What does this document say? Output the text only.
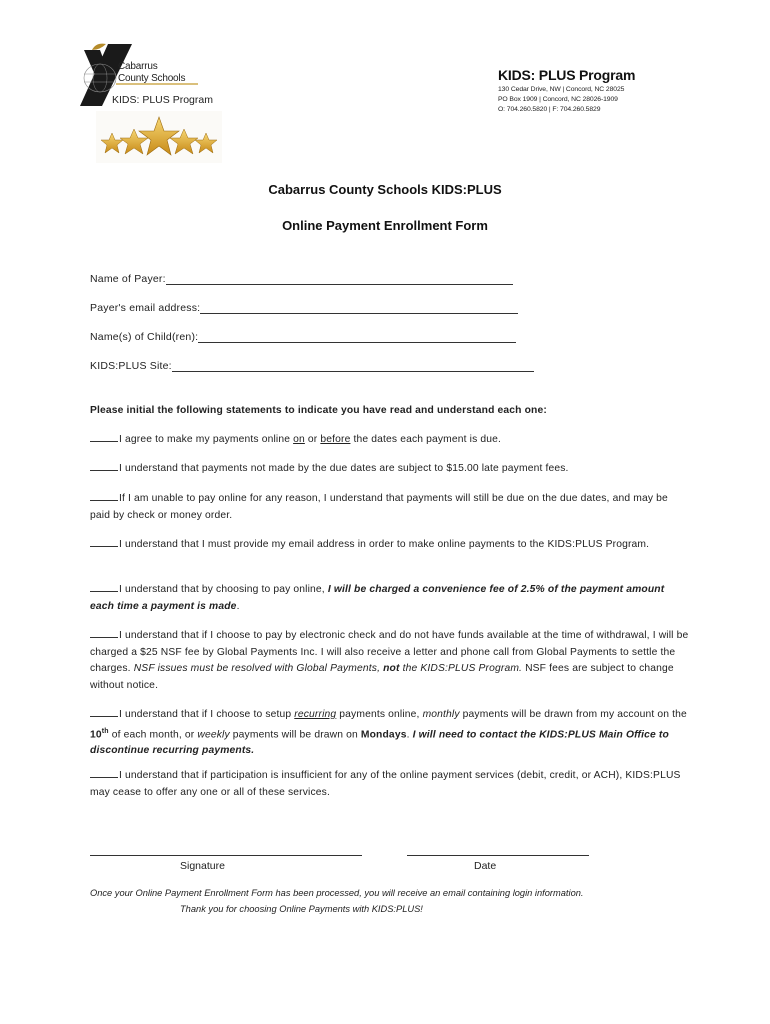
Cabarrus
County Schools
KIDS: PLUS Program
KIDS: PLUS Program
130 Cedar Drive, NW | Concord, NC 28025
PO Box 1909 | Concord, NC 28026-1909
O: 704.260.5820 | F: 704.260.5829
Cabarrus County Schools KIDS:PLUS
Online Payment Enrollment Form
Name of Payer:
Payer's email address:
Name(s) of Child(ren):
KIDS:PLUS Site:
Please initial the following statements to indicate you have read and understand each one:
I agree to make my payments online on or before the dates each payment is due.
I understand that payments not made by the due dates are subject to $15.00 late payment fees.
If I am unable to pay online for any reason, I understand that payments will still be due on the due dates, and may be paid by check or money order.
I understand that I must provide my email address in order to make online payments to the KIDS:PLUS Program.
I understand that by choosing to pay online, I will be charged a convenience fee of 2.5% of the payment amount each time a payment is made.
I understand that if I choose to pay by electronic check and do not have funds available at the time of withdrawal, I will be charged a $25 NSF fee by Global Payments Inc. I will also receive a letter and phone call from Global Payments to settle the charges. NSF issues must be resolved with Global Payments, not the KIDS:PLUS Program. NSF fees are subject to change without notice.
I understand that if I choose to setup recurring payments online, monthly payments will be drawn from my account on the 10th of each month, or weekly payments will be drawn on Mondays. I will need to contact the KIDS:PLUS Main Office to discontinue recurring payments.
I understand that if participation is insufficient for any of the online payment services (debit, credit, or ACH), KIDS:PLUS may cease to offer any one or all of these services.
Signature	Date
Once your Online Payment Enrollment Form has been processed, you will receive an email containing login information.
Thank you for choosing Online Payments with KIDS:PLUS!
